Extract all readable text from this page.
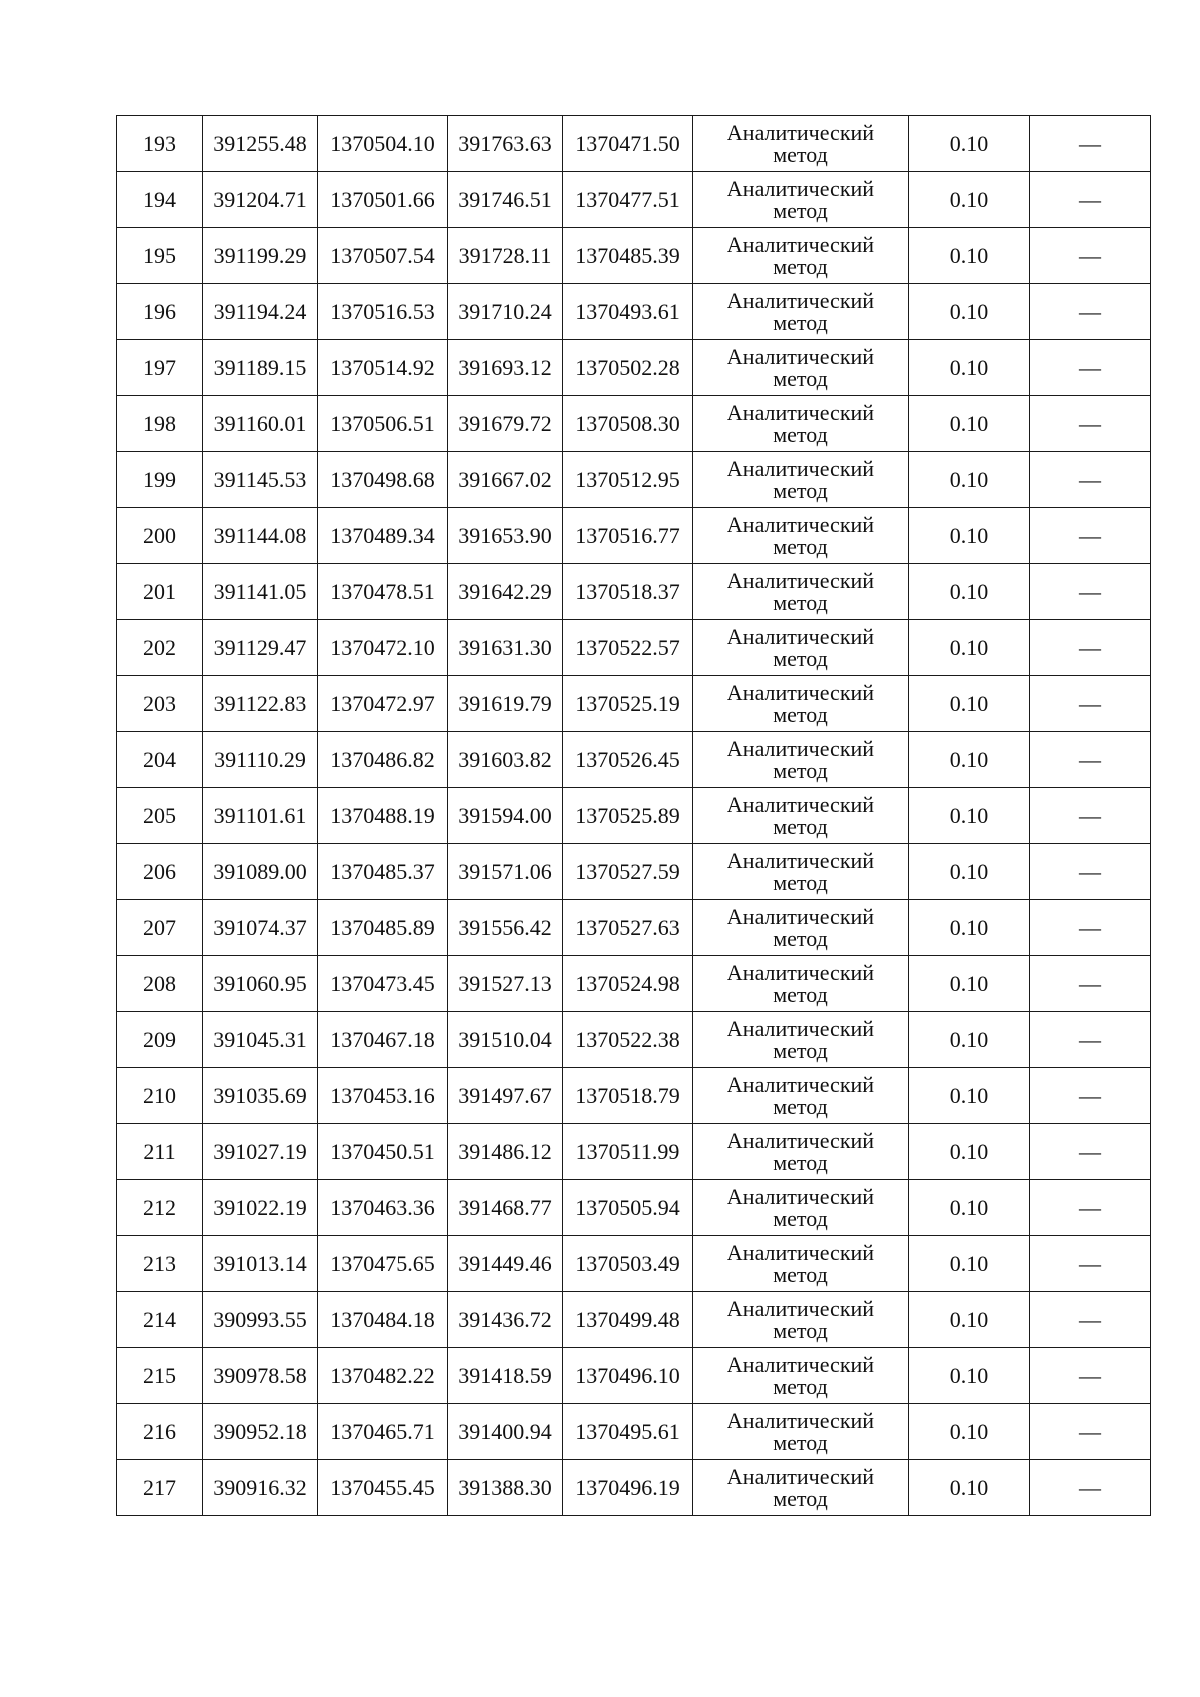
193	391255.48	1370504.10	391763.63	1370471.50	Аналитический
метод	0.10	—
194	391204.71	1370501.66	391746.51	1370477.51	Аналитический
метод	0.10	—
195	391199.29	1370507.54	391728.11	1370485.39	Аналитический
метод	0.10	—
196	391194.24	1370516.53	391710.24	1370493.61	Аналитический
метод	0.10	—
197	391189.15	1370514.92	391693.12	1370502.28	Аналитический
метод	0.10	—
198	391160.01	1370506.51	391679.72	1370508.30	Аналитический
метод	0.10	—
199	391145.53	1370498.68	391667.02	1370512.95	Аналитический
метод	0.10	—
200	391144.08	1370489.34	391653.90	1370516.77	Аналитический
метод	0.10	—
201	391141.05	1370478.51	391642.29	1370518.37	Аналитический
метод	0.10	—
202	391129.47	1370472.10	391631.30	1370522.57	Аналитический
метод	0.10	—
203	391122.83	1370472.97	391619.79	1370525.19	Аналитический
метод	0.10	—
204	391110.29	1370486.82	391603.82	1370526.45	Аналитический
метод	0.10	—
205	391101.61	1370488.19	391594.00	1370525.89	Аналитический
метод	0.10	—
206	391089.00	1370485.37	391571.06	1370527.59	Аналитический
метод	0.10	—
207	391074.37	1370485.89	391556.42	1370527.63	Аналитический
метод	0.10	—
208	391060.95	1370473.45	391527.13	1370524.98	Аналитический
метод	0.10	—
209	391045.31	1370467.18	391510.04	1370522.38	Аналитический
метод	0.10	—
210	391035.69	1370453.16	391497.67	1370518.79	Аналитический
метод	0.10	—
211	391027.19	1370450.51	391486.12	1370511.99	Аналитический
метод	0.10	—
212	391022.19	1370463.36	391468.77	1370505.94	Аналитический
метод	0.10	—
213	391013.14	1370475.65	391449.46	1370503.49	Аналитический
метод	0.10	—
214	390993.55	1370484.18	391436.72	1370499.48	Аналитический
метод	0.10	—
215	390978.58	1370482.22	391418.59	1370496.10	Аналитический
метод	0.10	—
216	390952.18	1370465.71	391400.94	1370495.61	Аналитический
метод	0.10	—
217	390916.32	1370455.45	391388.30	1370496.19	Аналитический
метод	0.10	—
